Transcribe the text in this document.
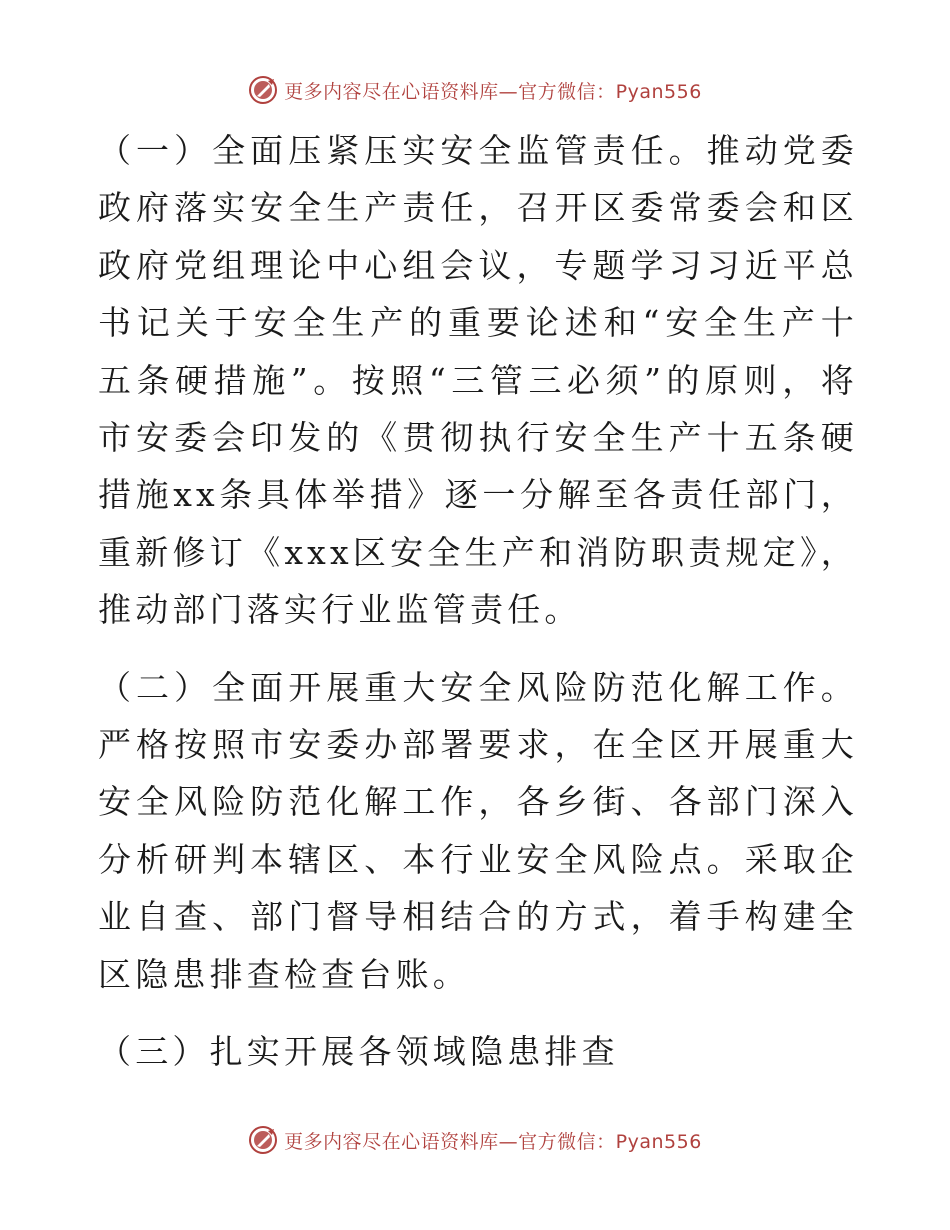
更多内容尽在心语资料库—官方微信：Pyan556

（一）全面压紧压实安全监管责任。推动党委政府落实安全生产责任，召开区委常委会和区政府党组理论中心组会议，专题学习习近平总书记关于安全生产的重要论述和“安全生产十五条硬措施”。按照“三管三必须”的原则，将市安委会印发的《贯彻执行安全生产十五条硬措施xx条具体举措》逐一分解至各责任部门，重新修订《xxx区安全生产和消防职责规定》，推动部门落实行业监管责任。

（二）全面开展重大安全风险防范化解工作。严格按照市安委办部署要求，在全区开展重大安全风险防范化解工作，各乡街、各部门深入分析研判本辖区、本行业安全风险点。采取企业自查、部门督导相结合的方式，着手构建全区隐患排查检查台账。

（三）扎实开展各领域隐患排查

更多内容尽在心语资料库—官方微信：Pyan556
